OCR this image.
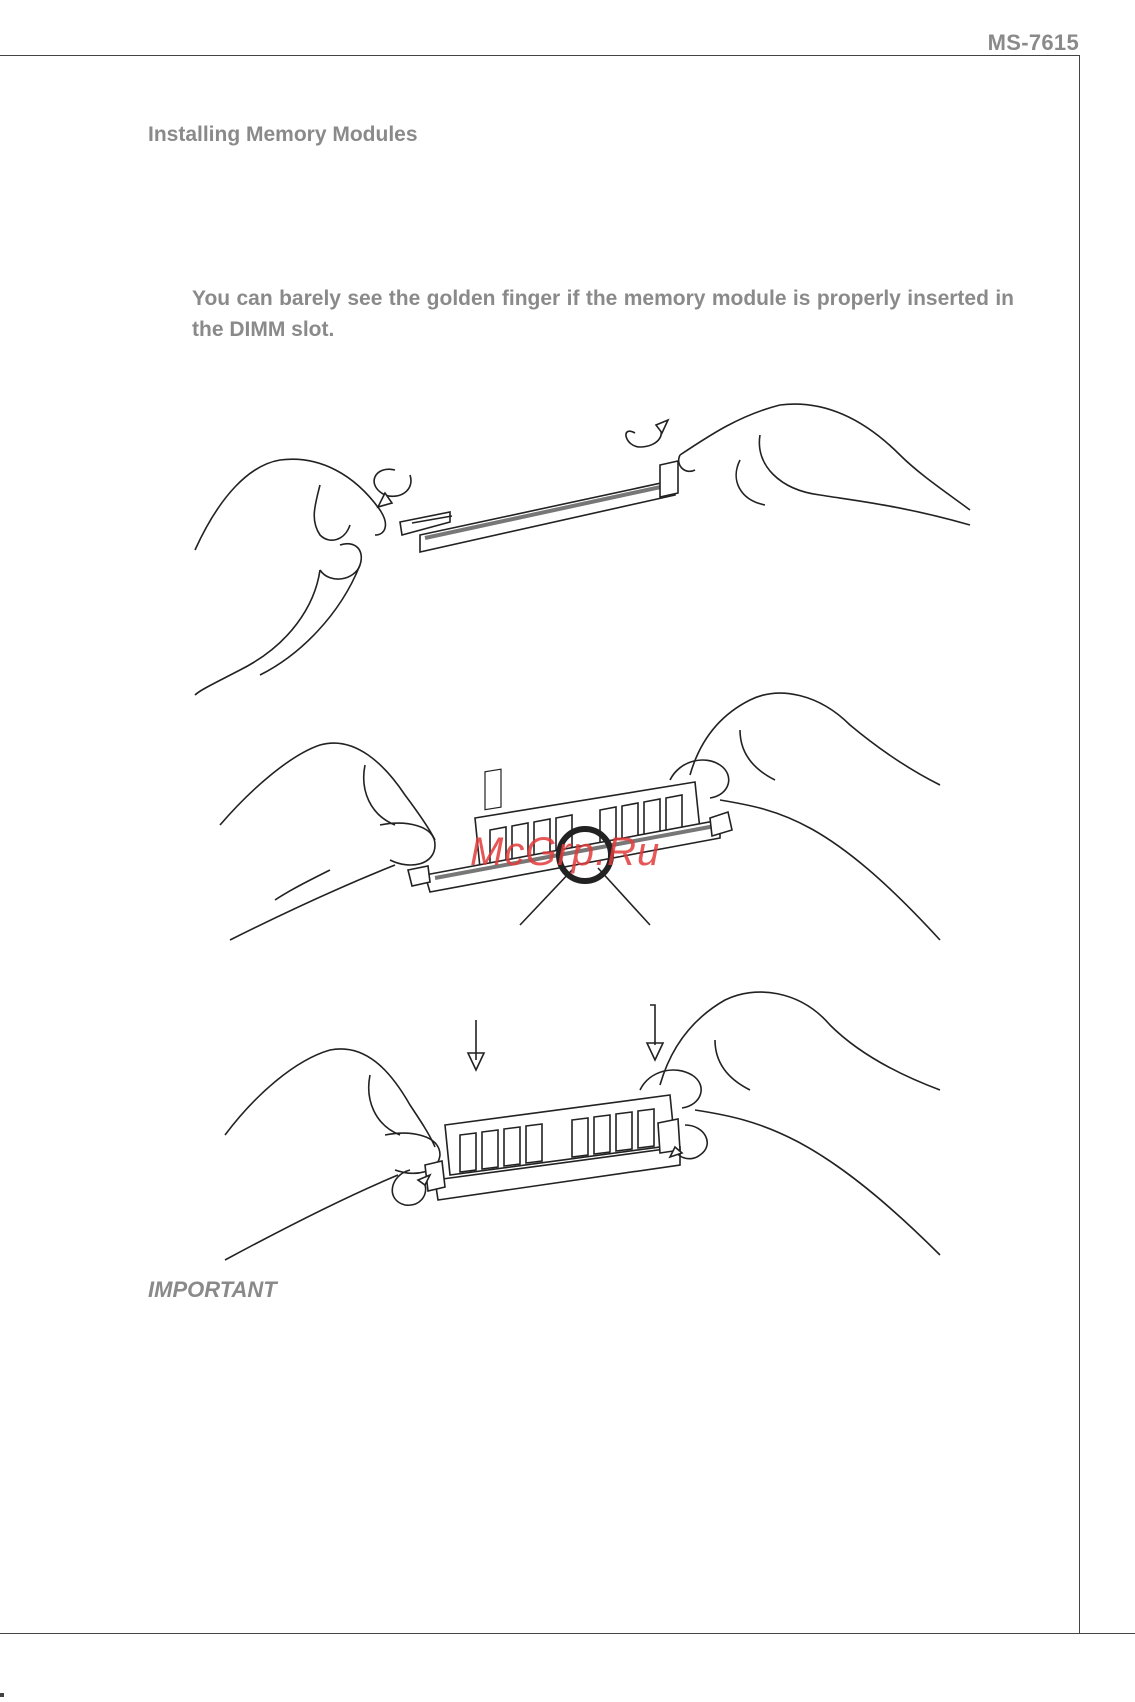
MS-7615
Installing Memory Modules
You can barely see the golden finger if the memory module is properly inserted in the DIMM slot.
McGrp.Ru
IMPORTANT
